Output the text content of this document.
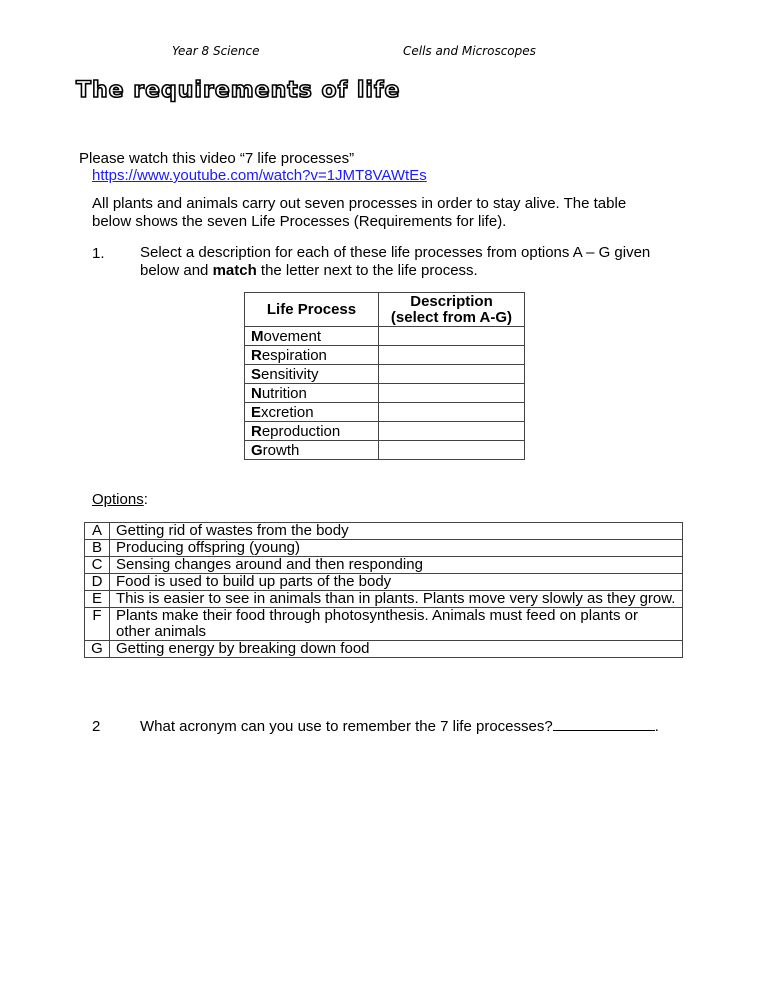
Year 8 Science	Cells and Microscopes
The requirements of life
Please watch this video “7 life processes”
https://www.youtube.com/watch?v=1JMT8VAWtEs
All plants and animals carry out seven processes in order to stay alive. The table
below shows the seven Life Processes (Requirements for life).
1. Select a description for each of these life processes from options A – G given
below and match the letter next to the life process.
Life Process	Description
(select from A-G)
Movement	
Respiration	
Sensitivity	
Nutrition	
Excretion	
Reproduction	
Growth	
Options:
A	Getting rid of wastes from the body
B	Producing offspring (young)
C	Sensing changes around and then responding
D	Food is used to build up parts of the body
E	This is easier to see in animals than in plants. Plants move very slowly as they grow.
F	Plants make their food through photosynthesis. Animals must feed on plants or other animals
G	Getting energy by breaking down food
2	What acronym can you use to remember the 7 life processes?	.
